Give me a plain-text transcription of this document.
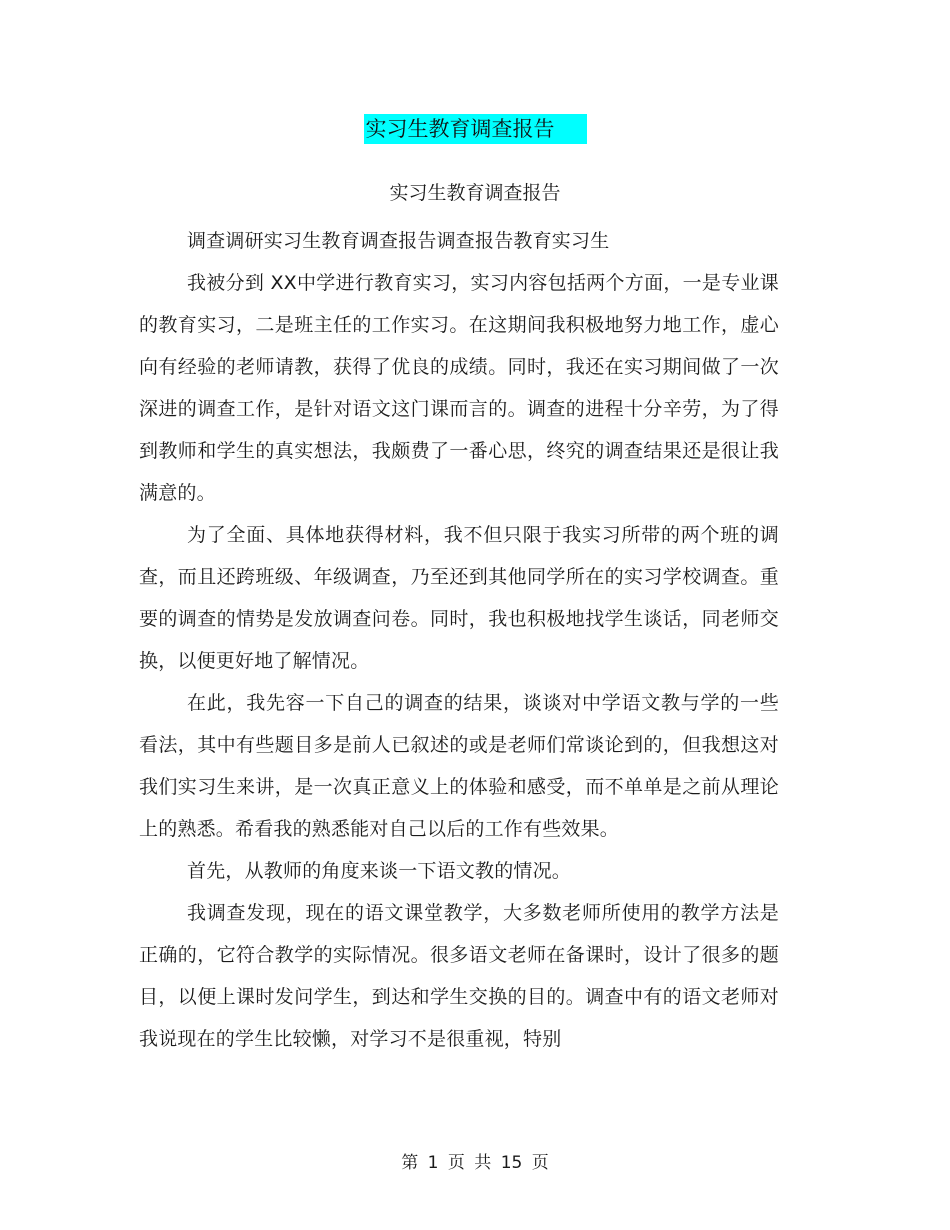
实习生教育调查报告
实习生教育调查报告

调查调研实习生教育调查报告调查报告教育实习生

我被分到 XX中学进行教育实习，实习内容包括两个方面，一是专业课的教育实习，二是班主任的工作实习。在这期间我积极地努力地工作，虚心向有经验的老师请教，获得了优良的成绩。同时，我还在实习期间做了一次深进的调查工作，是针对语文这门课而言的。调查的进程十分辛劳，为了得到教师和学生的真实想法，我颇费了一番心思，终究的调查结果还是很让我满意的。

为了全面、具体地获得材料，我不但只限于我实习所带的两个班的调查，而且还跨班级、年级调查，乃至还到其他同学所在的实习学校调查。重要的调查的情势是发放调查问卷。同时，我也积极地找学生谈话，同老师交换，以便更好地了解情况。

在此，我先容一下自己的调查的结果，谈谈对中学语文教与学的一些看法，其中有些题目多是前人已叙述的或是老师们常谈论到的，但我想这对我们实习生来讲，是一次真正意义上的体验和感受，而不单单是之前从理论上的熟悉。希看我的熟悉能对自己以后的工作有些效果。

首先，从教师的角度来谈一下语文教的情况。

我调查发现，现在的语文课堂教学，大多数老师所使用的教学方法是正确的，它符合教学的实际情况。很多语文老师在备课时，设计了很多的题目，以便上课时发问学生，到达和学生交换的目的。调查中有的语文老师对我说现在的学生比较懒，对学习不是很重视，特别

第 1 页 共 15 页
